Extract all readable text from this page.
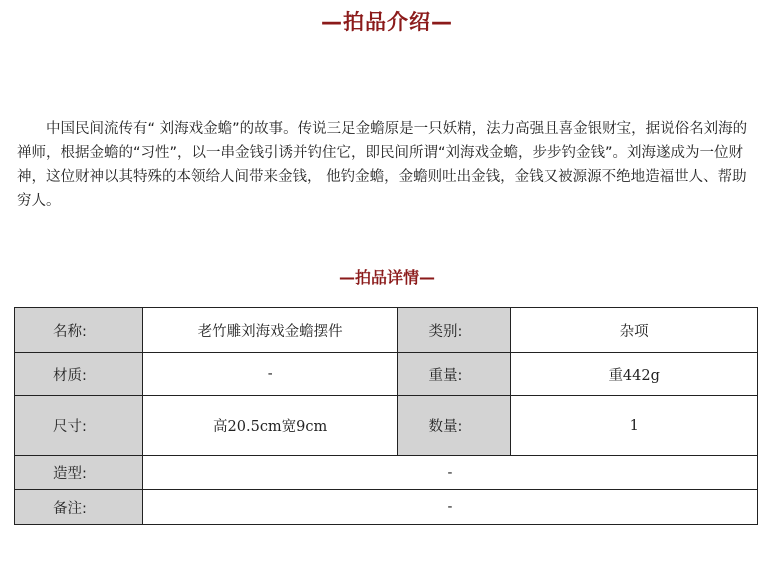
—拍品介绍—

中国民间流传有“ 刘海戏金蟾”的故事。传说三足金蟾原是一只妖精，法力高强且喜金银财宝，据说俗名刘海的禅师，根据金蟾的“习性”，以一串金钱引诱并钓住它，即民间所谓“刘海戏金蟾，步步钓金钱”。刘海遂成为一位财神，这位财神以其特殊的本领给人间带来金钱， 他钓金蟾，金蟾则吐出金钱，金钱又被源源不绝地造福世人、帮助穷人。

—拍品详情—
名称:	老竹雕刘海戏金蟾摆件	类别:	杂项
材质:	-	重量:	重442g
尺寸:	高20.5cm宽9cm	数量:	1
造型:	-		
备注:	-		
